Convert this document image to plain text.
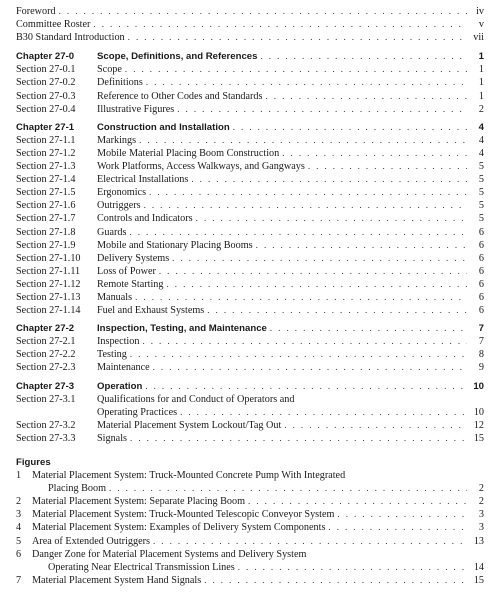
Foreword . . .	iv
Committee Roster . . .	v
B30 Standard Introduction . . .	vii
Chapter 27-0	Scope, Definitions, and References . . .	1
Section 27-0.1	Scope . . .	1
Section 27-0.2	Definitions . . .	1
Section 27-0.3	Reference to Other Codes and Standards . . .	1
Section 27-0.4	Illustrative Figures . . .	2
Chapter 27-1	Construction and Installation . . .	4
Section 27-1.1	Markings . . .	4
Section 27-1.2	Mobile Material Placing Boom Construction . . .	4
Section 27-1.3	Work Platforms, Access Walkways, and Gangways . . .	5
Section 27-1.4	Electrical Installations . . .	5
Section 27-1.5	Ergonomics . . .	5
Section 27-1.6	Outriggers . . .	5
Section 27-1.7	Controls and Indicators . . .	5
Section 27-1.8	Guards . . .	6
Section 27-1.9	Mobile and Stationary Placing Booms . . .	6
Section 27-1.10	Delivery Systems . . .	6
Section 27-1.11	Loss of Power . . .	6
Section 27-1.12	Remote Starting . . .	6
Section 27-1.13	Manuals . . .	6
Section 27-1.14	Fuel and Exhaust Systems . . .	6
Chapter 27-2	Inspection, Testing, and Maintenance . . .	7
Section 27-2.1	Inspection . . .	7
Section 27-2.2	Testing . . .	8
Section 27-2.3	Maintenance . . .	9
Chapter 27-3	Operation . . .	10
Section 27-3.1	Qualifications for and Conduct of Operators and
Operating Practices . . .	10
Section 27-3.2	Material Placement System Lockout/Tag Out . . .	12
Section 27-3.3	Signals . . .	15
Figures
1	Material Placement System: Truck-Mounted Concrete Pump With Integrated
Placing Boom . . .	2
2	Material Placement System: Separate Placing Boom . . .	2
3	Material Placement System: Truck-Mounted Telescopic Conveyor System . . .	3
4	Material Placement System: Examples of Delivery System Components . . .	3
5	Area of Extended Outriggers . . .	13
6	Danger Zone for Material Placement Systems and Delivery System
Operating Near Electrical Transmission Lines . . .	14
7	Material Placement System Hand Signals . . .	15
